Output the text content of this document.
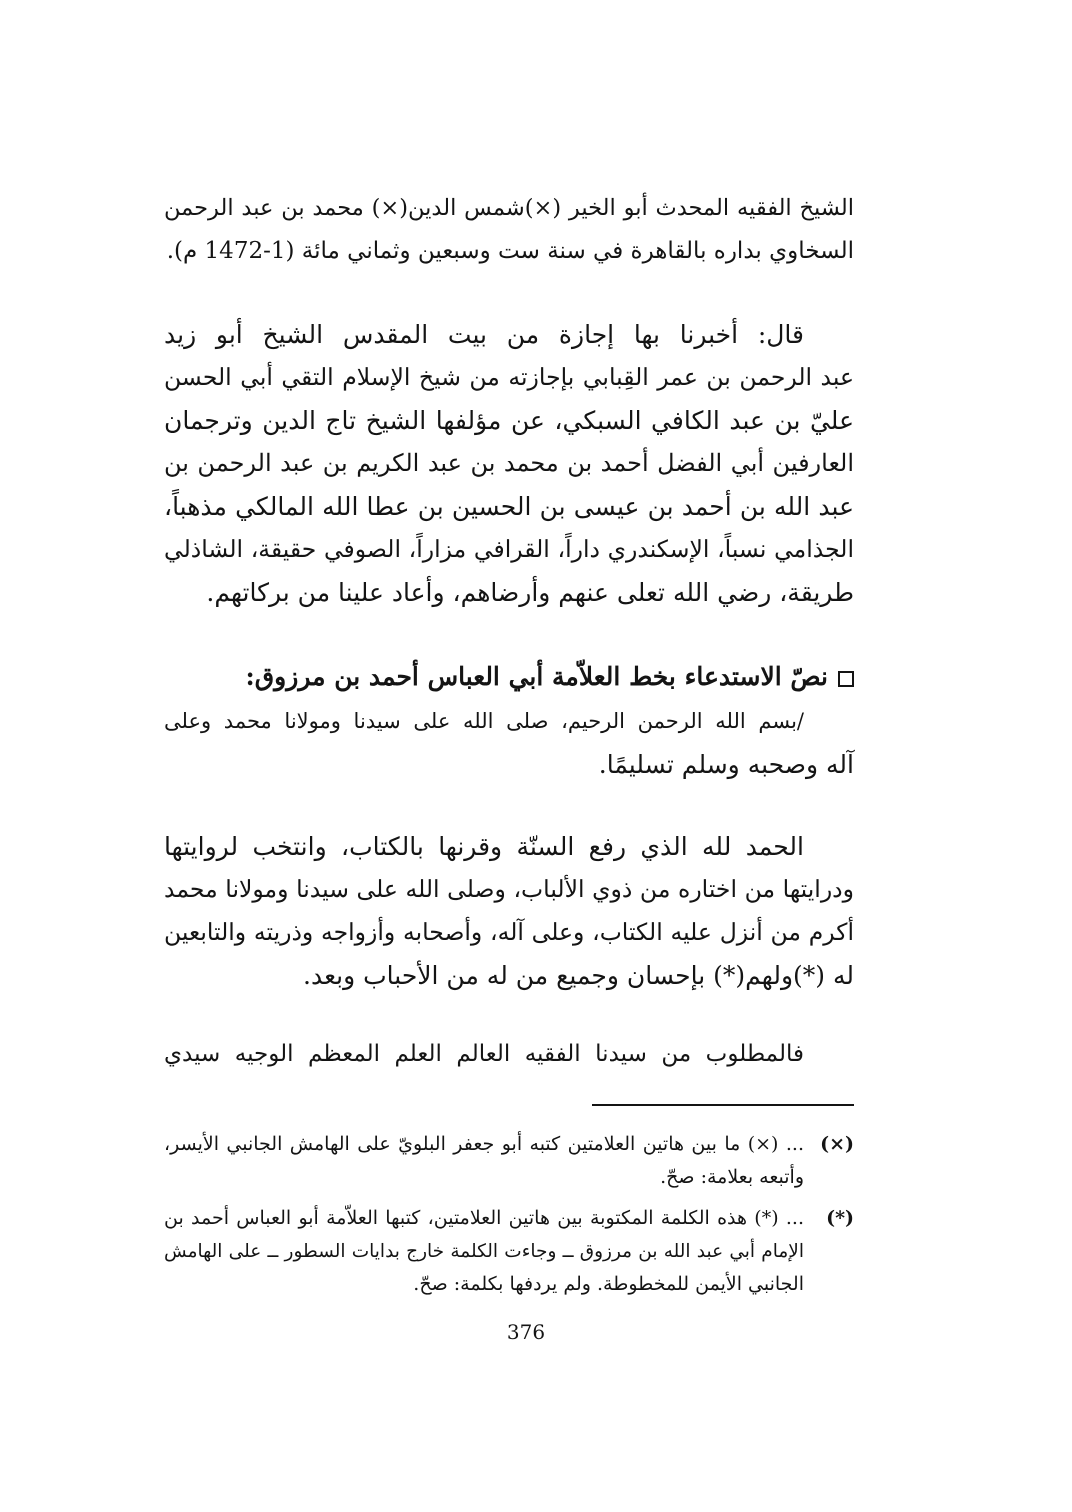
الشيخ الفقيه المحدث أبو الخير (×)شمس الدين(×) محمد بن عبد الرحمن
السخاوي بداره بالقاهرة في سنة ست وسبعين وثماني مائة (1-1472 م).
قال: أخبرنا بها إجازة من بيت المقدس الشيخ أبو زيد
عبد الرحمن بن عمر القِبابي بإجازته من شيخ الإسلام التقي أبي الحسن
عليّ بن عبد الكافي السبكي، عن مؤلفها الشيخ تاج الدين وترجمان
العارفين أبي الفضل أحمد بن محمد بن عبد الكريم بن عبد الرحمن بن
عبد الله بن أحمد بن عيسى بن الحسين بن عطا الله المالكي مذهباً،
الجذامي نسباً، الإسكندري داراً، القرافي مزاراً، الصوفي حقيقة، الشاذلي
طريقة، رضي الله تعلى عنهم وأرضاهم، وأعاد علينا من بركاتهم.
نصّ الاستدعاء بخط العلاّمة أبي العباس أحمد بن مرزوق:
/بسم الله الرحمن الرحيم، صلى الله على سيدنا ومولانا محمد وعلى
آله وصحبه وسلم تسليمًا.
الحمد لله الذي رفع السنّة وقرنها بالكتاب، وانتخب لروايتها
ودرايتها من اختاره من ذوي الألباب، وصلى الله على سيدنا ومولانا محمد
أكرم من أنزل عليه الكتاب، وعلى آله، وأصحابه وأزواجه وذريته والتابعين
له (*)ولهم(*) بإحسان وجميع من له من الأحباب وبعد.
فالمطلوب من سيدنا الفقيه العالم العلم المعظم الوجيه سيدي
(×)
... (×) ما بين هاتين العلامتين كتبه أبو جعفر البلويّ على الهامش الجانبي الأيسر،
وأتبعه بعلامة: صحّ.
(*)
... (*) هذه الكلمة المكتوبة بين هاتين العلامتين، كتبها العلاّمة أبو العباس أحمد بن
الإمام أبي عبد الله بن مرزوق ــ وجاءت الكلمة خارج بدايات السطور ــ على الهامش
الجانبي الأيمن للمخطوطة. ولم يردفها بكلمة: صحّ.
376
